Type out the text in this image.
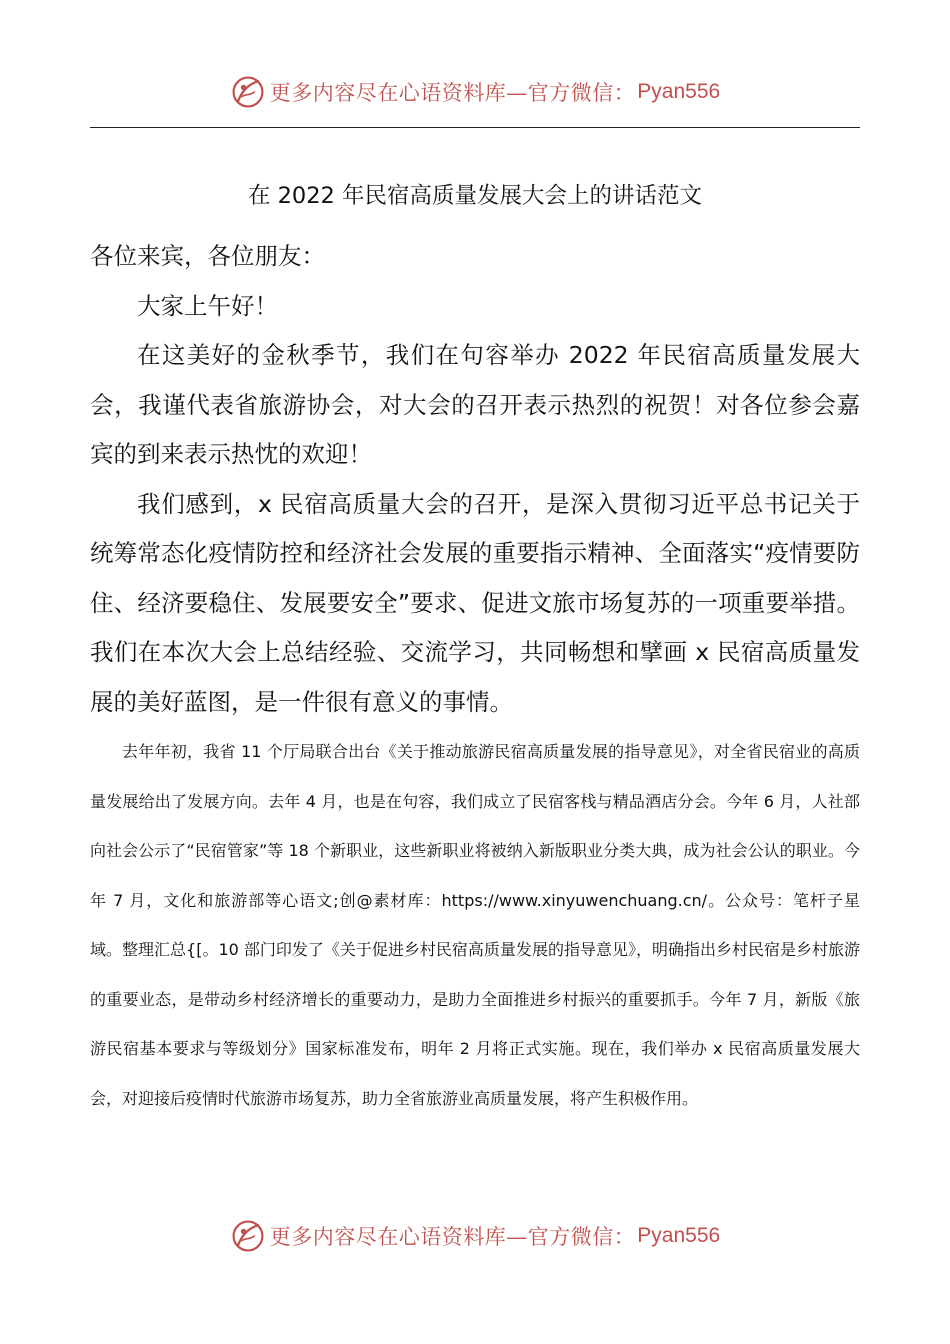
更多内容尽在心语资料库—官方微信： Pyan556
在 2022 年民宿高质量发展大会上的讲话范文

各位来宾，各位朋友：

大家上午好！

在这美好的金秋季节，我们在句容举办 2022 年民宿高质量发展大会，我谨代表省旅游协会，对大会的召开表示热烈的祝贺！对各位参会嘉宾的到来表示热忱的欢迎！

我们感到，x 民宿高质量大会的召开，是深入贯彻习近平总书记关于统筹常态化疫情防控和经济社会发展的重要指示精神、全面落实“疫情要防住、经济要稳住、发展要安全”要求、促进文旅市场复苏的一项重要举措。我们在本次大会上总结经验、交流学习，共同畅想和擘画 x 民宿高质量发展的美好蓝图，是一件很有意义的事情。

去年年初，我省 11 个厅局联合出台《关于推动旅游民宿高质量发展的指导意见》，对全省民宿业的高质量发展给出了发展方向。去年 4 月，也是在句容，我们成立了民宿客栈与精品酒店分会。今年 6 月，人社部向社会公示了“民宿管家”等 18 个新职业，这些新职业将被纳入新版职业分类大典，成为社会公认的职业。今年 7 月，文化和旅游部等心语文;创@素材库：https://www.xinyuwenchuang.cn/。公众号：笔杆子星域。整理汇总{[。10 部门印发了《关于促进乡村民宿高质量发展的指导意见》，明确指出乡村民宿是乡村旅游的重要业态，是带动乡村经济增长的重要动力，是助力全面推进乡村振兴的重要抓手。今年 7 月，新版《旅游民宿基本要求与等级划分》国家标准发布，明年 2 月将正式实施。现在，我们举办 x 民宿高质量发展大会，对迎接后疫情时代旅游市场复苏，助力全省旅游业高质量发展，将产生积极作用。

更多内容尽在心语资料库—官方微信： Pyan556
